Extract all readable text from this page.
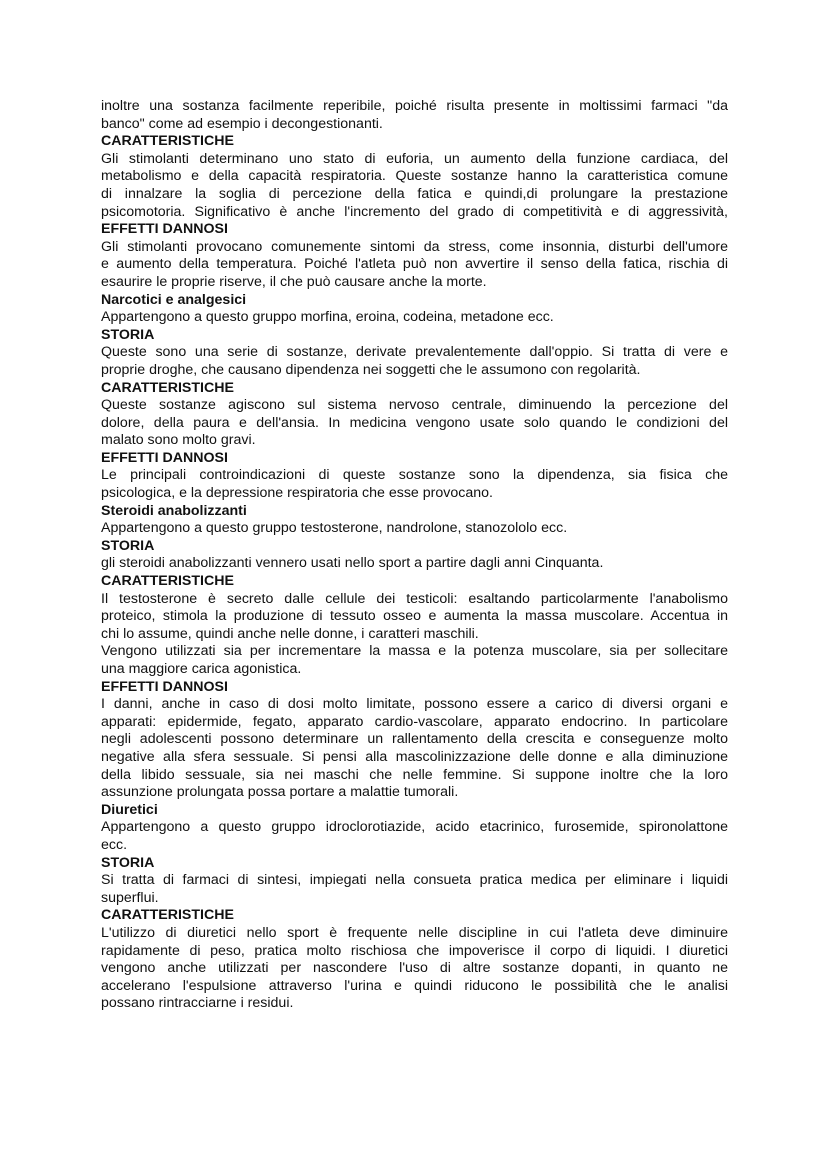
inoltre una sostanza facilmente reperibile, poiché risulta presente in moltissimi farmaci "da
banco" come ad esempio i decongestionanti.
CARATTERISTICHE
Gli stimolanti determinano uno stato di euforia, un aumento della funzione cardiaca, del
metabolismo e della capacità respiratoria. Queste sostanze hanno la caratteristica comune
di innalzare la soglia di percezione della fatica e quindi,di prolungare la prestazione
psicomotoria. Significativo è anche l'incremento del grado di competitività e di aggressività,
EFFETTI DANNOSI
Gli stimolanti provocano comunemente sintomi da stress, come insonnia, disturbi dell'umore
e aumento della temperatura. Poiché l'atleta può non avvertire il senso della fatica, rischia di
esaurire le proprie riserve, il che può causare anche la morte.
Narcotici e analgesici
Appartengono a questo gruppo morfina, eroina, codeina, metadone ecc.
STORIA
Queste sono una serie di sostanze, derivate prevalentemente dall'oppio. Si tratta di vere e
proprie droghe, che causano dipendenza nei soggetti che le assumono con regolarità.
CARATTERISTICHE
Queste sostanze agiscono sul sistema nervoso centrale, diminuendo la percezione del
dolore, della paura e dell'ansia. In medicina vengono usate solo quando le condizioni del
malato sono molto gravi.
EFFETTI DANNOSI
Le principali controindicazioni di queste sostanze sono la dipendenza, sia fisica che
psicologica, e la depressione respiratoria che esse provocano.
Steroidi anabolizzanti
Appartengono a questo gruppo testosterone, nandrolone, stanozololo ecc.
STORIA
gli steroidi anabolizzanti vennero usati nello sport a partire dagli anni Cinquanta.
CARATTERISTICHE
Il testosterone è secreto dalle cellule dei testicoli: esaltando particolarmente l'anabolismo
proteico, stimola la produzione di tessuto osseo e aumenta la massa muscolare. Accentua in
chi lo assume, quindi anche nelle donne, i caratteri maschili.
Vengono utilizzati sia per incrementare la massa e la potenza muscolare, sia per sollecitare
una maggiore carica agonistica.
EFFETTI DANNOSI
I danni, anche in caso di dosi molto limitate, possono essere a carico di diversi organi e
apparati: epidermide, fegato, apparato cardio-vascolare, apparato endocrino. In particolare
negli adolescenti possono determinare un rallentamento della crescita e conseguenze molto
negative alla sfera sessuale. Si pensi alla mascolinizzazione delle donne e alla diminuzione
della libido sessuale, sia nei maschi che nelle femmine. Si suppone inoltre che la loro
assunzione prolungata possa portare a malattie tumorali.
Diuretici
Appartengono a questo gruppo idroclorotiazide, acido etacrinico, furosemide, spironolattone
ecc.
STORIA
Si tratta di farmaci di sintesi, impiegati nella consueta pratica medica per eliminare i liquidi
superflui.
CARATTERISTICHE
L'utilizzo di diuretici nello sport è frequente nelle discipline in cui l'atleta deve diminuire
rapidamente di peso, pratica molto rischiosa che impoverisce il corpo di liquidi. I diuretici
vengono anche utilizzati per nascondere l'uso di altre sostanze dopanti, in quanto ne
accelerano l'espulsione attraverso l'urina e quindi riducono le possibilità che le analisi
possano rintracciarne i residui.
